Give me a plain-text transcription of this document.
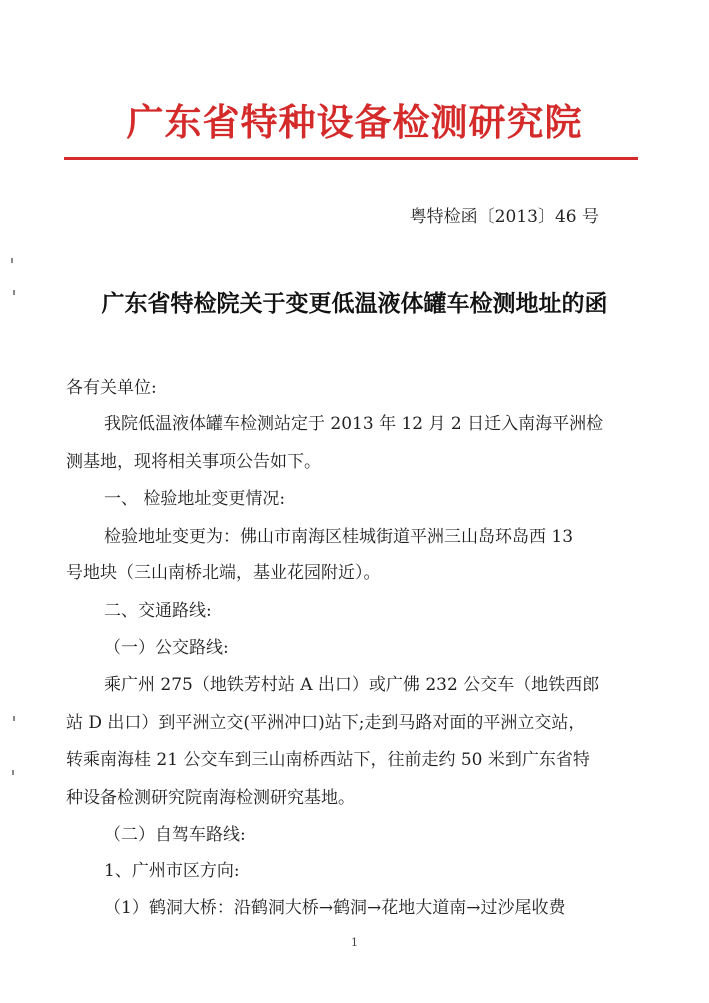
广东省特种设备检测研究院
粤特检函〔2013〕46 号
广东省特检院关于变更低温液体罐车检测地址的函
各有关单位:
我院低温液体罐车检测站定于 2013 年 12 月 2 日迁入南海平洲检
测基地，现将相关事项公告如下。
一、 检验地址变更情况:
检验地址变更为：佛山市南海区桂城街道平洲三山岛环岛西 13
号地块（三山南桥北端，基业花园附近）。
二、交通路线:
（一）公交路线:
乘广州 275（地铁芳村站 A 出口）或广佛 232 公交车（地铁西郎
站 D 出口）到平洲立交(平洲冲口)站下;走到马路对面的平洲立交站，
转乘南海桂 21 公交车到三山南桥西站下，往前走约 50 米到广东省特
种设备检测研究院南海检测研究基地。
（二）自驾车路线:
1、广州市区方向:
（1）鹤洞大桥：沿鹤洞大桥→鹤洞→花地大道南→过沙尾收费
1
